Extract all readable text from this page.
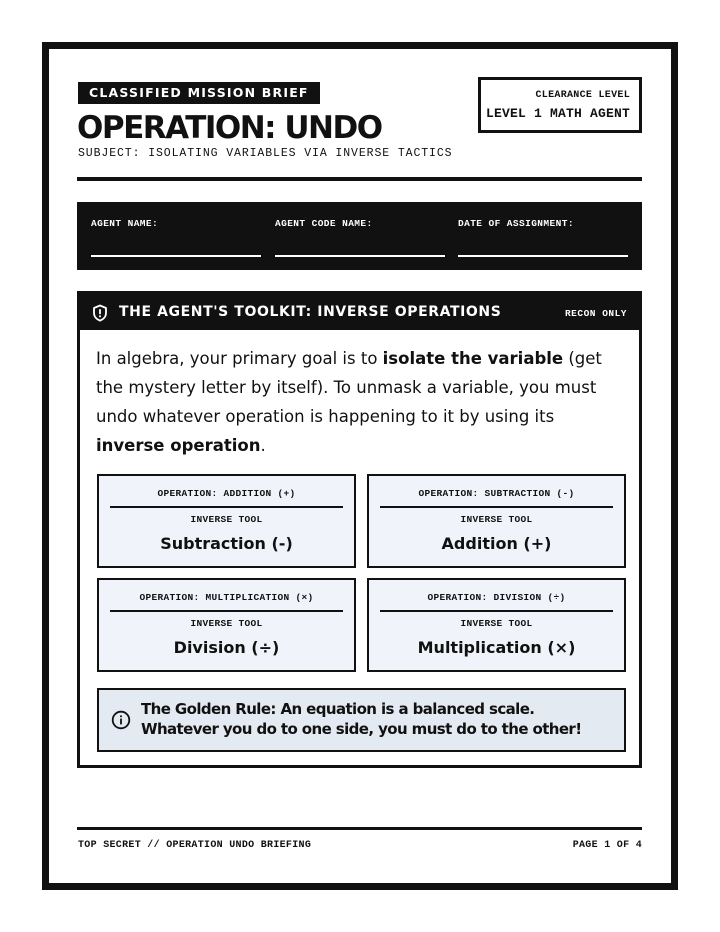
CLASSIFIED MISSION BRIEF
OPERATION: UNDO
SUBJECT: ISOLATING VARIABLES VIA INVERSE TACTICS
CLEARANCE LEVEL
LEVEL 1 MATH AGENT
AGENT NAME:	AGENT CODE NAME:	DATE OF ASSIGNMENT:
THE AGENT'S TOOLKIT: INVERSE OPERATIONS	RECON ONLY

In algebra, your primary goal is to isolate the variable (get the mystery letter by itself). To unmask a variable, you must undo whatever operation is happening to it by using its inverse operation.

OPERATION: ADDITION (+)
INVERSE TOOL
Subtraction (-)
OPERATION: SUBTRACTION (-)
INVERSE TOOL
Addition (+)
OPERATION: MULTIPLICATION (×)
INVERSE TOOL
Division (÷)
OPERATION: DIVISION (÷)
INVERSE TOOL
Multiplication (×)
The Golden Rule: An equation is a balanced scale.
Whatever you do to one side, you must do to the other!
TOP SECRET // OPERATION UNDO BRIEFING	PAGE 1 OF 4
